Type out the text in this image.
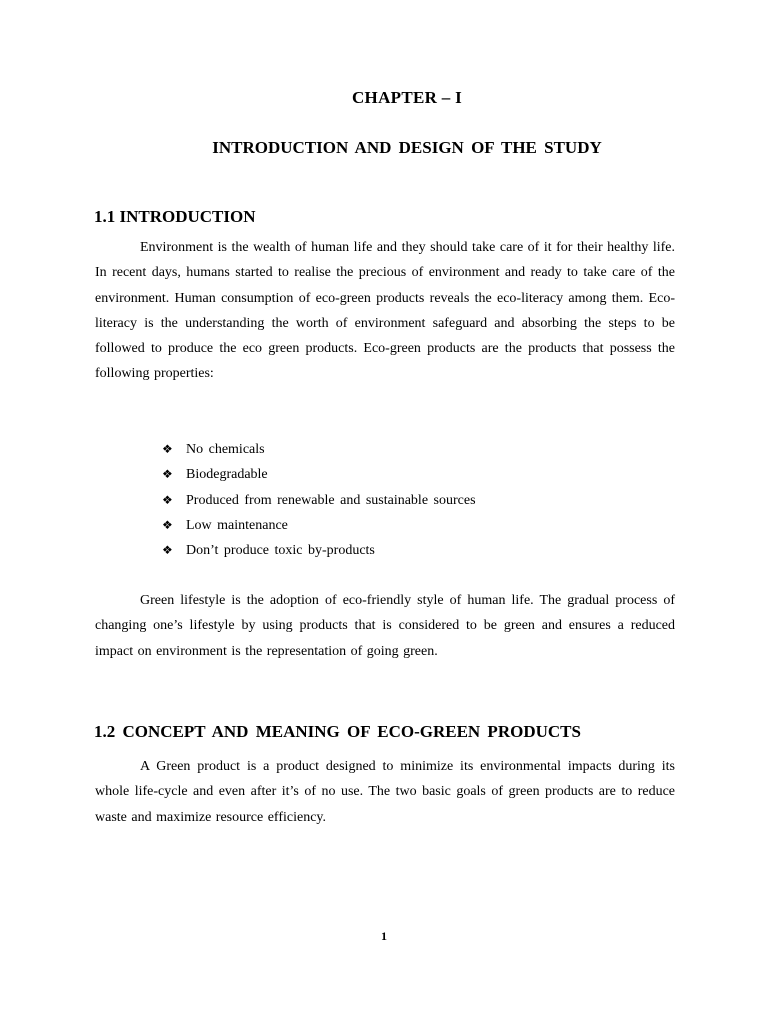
CHAPTER – I
INTRODUCTION AND DESIGN OF THE STUDY
1.1 INTRODUCTION

Environment is the wealth of human life and they should take care of it for their healthy life. In recent days, humans started to realise the precious of environment and ready to take care of the environment. Human consumption of eco-green products reveals the eco-literacy among them. Eco-literacy is the understanding the worth of environment safeguard and absorbing the steps to be followed to produce the eco green products. Eco-green products are the products that possess the following properties:

❖ No chemicals
❖ Biodegradable
❖ Produced from renewable and sustainable sources
❖ Low maintenance
❖ Don’t produce toxic by-products

Green lifestyle is the adoption of eco-friendly style of human life. The gradual process of changing one’s lifestyle by using products that is considered to be green and ensures a reduced impact on environment is the representation of going green.

1.2 CONCEPT AND MEANING OF ECO-GREEN PRODUCTS

A Green product is a product designed to minimize its environmental impacts during its whole life-cycle and even after it’s of no use. The two basic goals of green products are to reduce waste and maximize resource efficiency.

1
